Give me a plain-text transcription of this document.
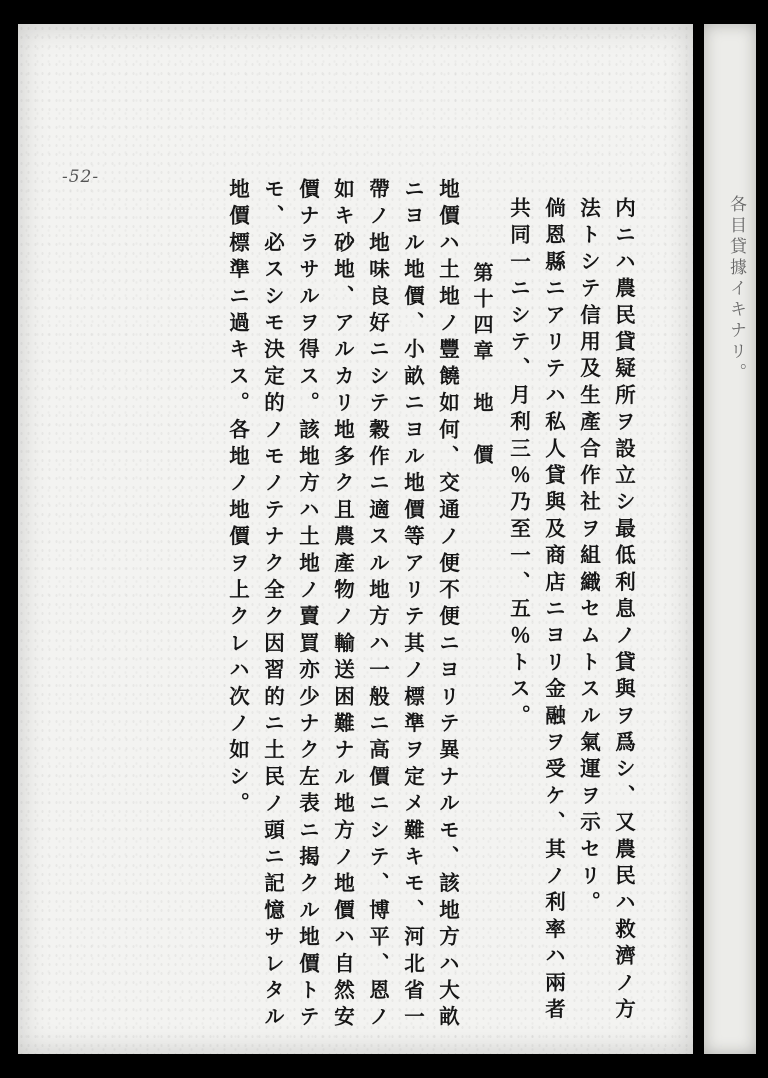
各目貸據イキナリ。
-52-
内ニハ農民貸疑所ヲ設立シ最低利息ノ貸與ヲ爲シ、又農民ハ救濟ノ方
法トシテ信用及生產合作社ヲ組織セムトスル氣運ヲ示セリ。
倘恩縣ニアリテハ私人貸與及商店ニヨリ金融ヲ受ケ、其ノ利率ハ兩者
共同一ニシテ、月利三％乃至一、五％トス。
第十四章　地　價
地價ハ土地ノ豐饒如何、交通ノ便不便ニヨリテ異ナルモ、該地方ハ大畝
ニヨル地價、小畝ニヨル地價等アリテ其ノ標準ヲ定メ難キモ、河北省一
帶ノ地味良好ニシテ穀作ニ適スル地方ハ一般ニ高價ニシテ、博平、恩ノ
如キ砂地、アルカリ地多ク且農產物ノ輸送困難ナル地方ノ地價ハ自然安
價ナラサルヲ得ス。該地方ハ土地ノ賣買亦少ナク左表ニ揭クル地價トテ
モ、必スシモ決定的ノモノテナク全ク因習的ニ土民ノ頭ニ記憶サレタル
地價標準ニ過キス。各地ノ地價ヲ上クレハ次ノ如シ。
